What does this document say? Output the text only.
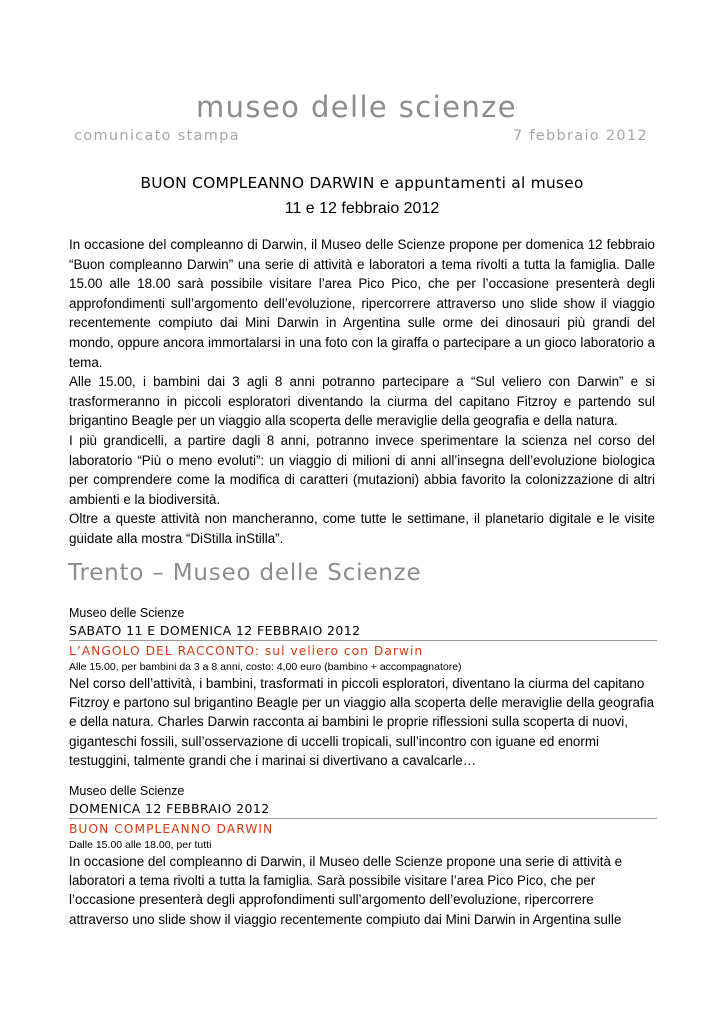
museo delle scienze
comunicato stampa	7 febbraio 2012
BUON COMPLEANNO DARWIN e appuntamenti al museo
11 e 12 febbraio 2012

In occasione del compleanno di Darwin, il Museo delle Scienze propone per domenica 12 febbraio “Buon compleanno Darwin” una serie di attività e laboratori a tema rivolti a tutta la famiglia. Dalle 15.00 alle 18.00 sarà possibile visitare l’area Pico Pico, che per l’occasione presenterà degli approfondimenti sull’argomento dell’evoluzione, ripercorrere attraverso uno slide show il viaggio recentemente compiuto dai Mini Darwin in Argentina sulle orme dei dinosauri più grandi del mondo, oppure ancora immortalarsi in una foto con la giraffa o partecipare a un gioco laboratorio a tema.

Alle 15.00, i bambini dai 3 agli 8 anni potranno partecipare a “Sul veliero con Darwin” e si trasformeranno in piccoli esploratori diventando la ciurma del capitano Fitzroy e partendo sul brigantino Beagle per un viaggio alla scoperta delle meraviglie della geografia e della natura.

I più grandicelli, a partire dagli 8 anni, potranno invece sperimentare la scienza nel corso del laboratorio “Più o meno evoluti”: un viaggio di milioni di anni all’insegna dell’evoluzione biologica per comprendere come la modifica di caratteri (mutazioni) abbia favorito la colonizzazione di altri ambienti e la biodiversità.

Oltre a queste attività non mancheranno, come tutte le settimane, il planetario digitale e le visite guidate alla mostra “DiStilla inStilla”.

Trento – Museo delle Scienze
Museo delle Scienze
SABATO 11 E DOMENICA 12 FEBBRAIO 2012
L’ANGOLO DEL RACCONTO: sul veliero con Darwin
Alle 15.00, per bambini da 3 a 8 anni, costo: 4,00 euro (bambino + accompagnatore)
Nel corso dell’attività, i bambini, trasformati in piccoli esploratori, diventano la ciurma del capitano Fitzroy e partono sul brigantino Beagle per un viaggio alla scoperta delle meraviglie della geografia e della natura. Charles Darwin racconta ai bambini le proprie riflessioni sulla scoperta di nuovi, giganteschi fossili, sull’osservazione di uccelli tropicali, sull’incontro con iguane ed enormi testuggini, talmente grandi che i marinai si divertivano a cavalcarle…
Museo delle Scienze
DOMENICA 12 FEBBRAIO 2012
BUON COMPLEANNO DARWIN
Dalle 15.00 alle 18.00, per tutti
In occasione del compleanno di Darwin, il Museo delle Scienze propone una serie di attività e laboratori a tema rivolti a tutta la famiglia. Sarà possibile visitare l’area Pico Pico, che per l’occasione presenterà degli approfondimenti sull’argomento dell’evoluzione, ripercorrere attraverso uno slide show il viaggio recentemente compiuto dai Mini Darwin in Argentina sulle
